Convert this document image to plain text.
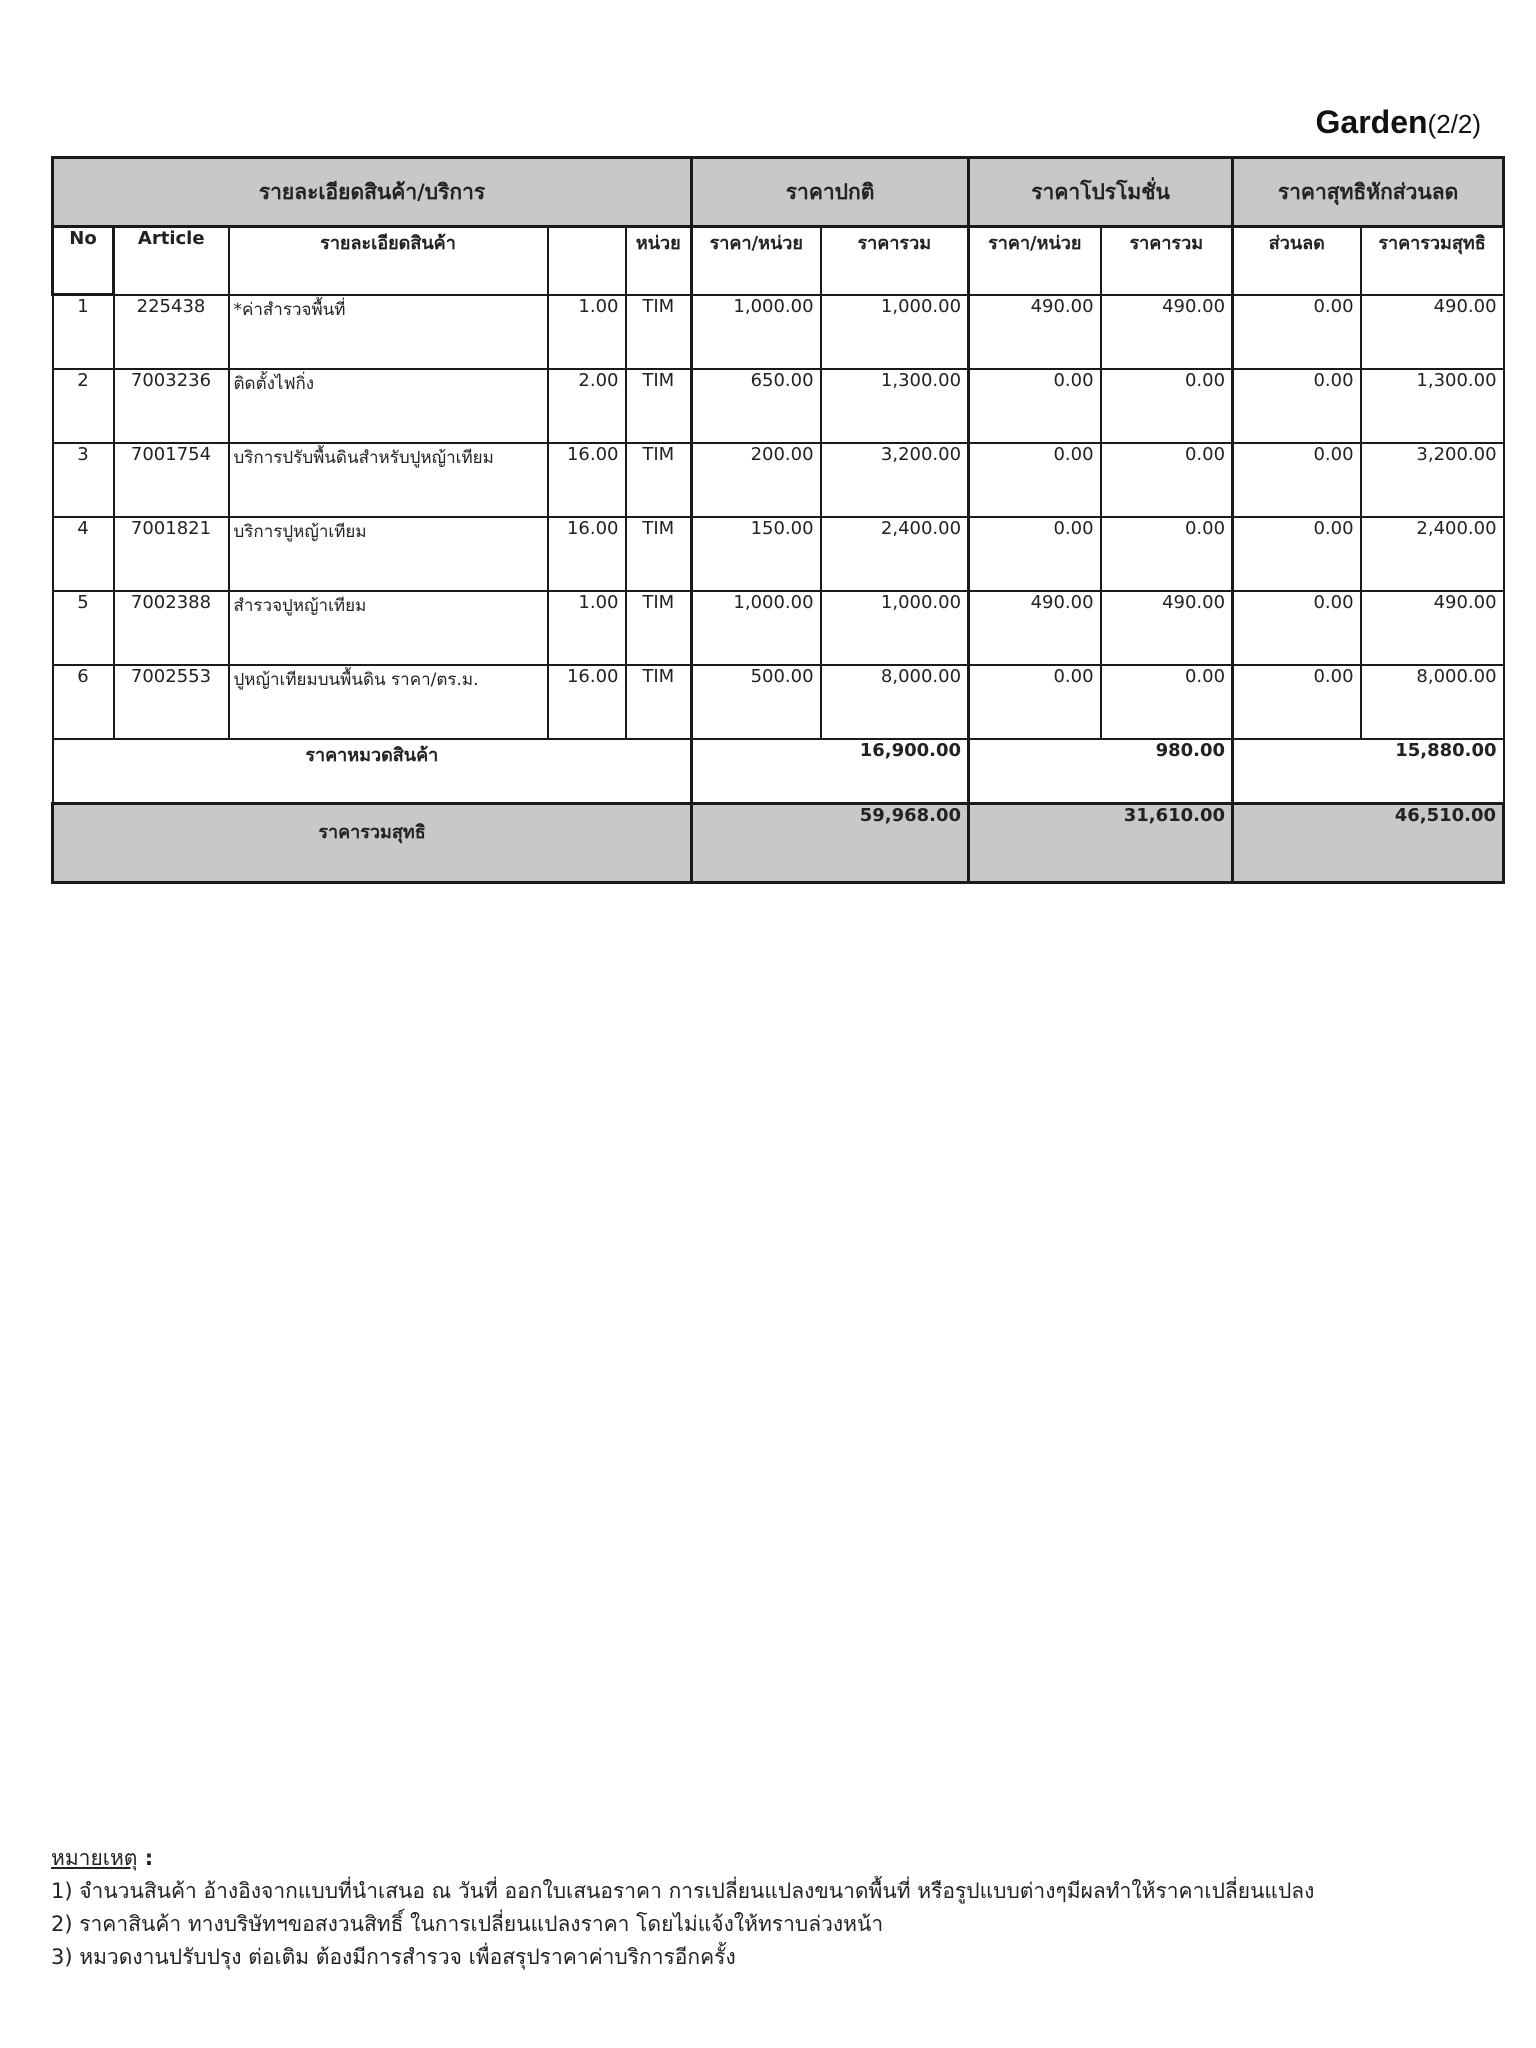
Garden(2/2)
รายละเอียดสินค้า/บริการ					ราคาปกติ		ราคาโปรโมชั่น		ราคาสุทธิหักส่วนลด	
No	Article	รายละเอียดสินค้า		หน่วย	ราคา/หน่วย	ราคารวม	ราคา/หน่วย	ราคารวม	ส่วนลด	ราคารวมสุทธิ
1	225438	*ค่าสำรวจพื้นที่	1.00	TIM	1,000.00	1,000.00	490.00	490.00	0.00	490.00
2	7003236	ติดตั้งไฟกิ่ง	2.00	TIM	650.00	1,300.00	0.00	0.00	0.00	1,300.00
3	7001754	บริการปรับพื้นดินสำหรับปูหญ้าเทียม	16.00	TIM	200.00	3,200.00	0.00	0.00	0.00	3,200.00
4	7001821	บริการปูหญ้าเทียม	16.00	TIM	150.00	2,400.00	0.00	0.00	0.00	2,400.00
5	7002388	สำรวจปูหญ้าเทียม	1.00	TIM	1,000.00	1,000.00	490.00	490.00	0.00	490.00
6	7002553	ปูหญ้าเทียมบนพื้นดิน ราคา/ตร.ม.	16.00	TIM	500.00	8,000.00	0.00	0.00	0.00	8,000.00
ราคาหมวดสินค้า					16,900.00		980.00		15,880.00	
ราคารวมสุทธิ					59,968.00		31,610.00		46,510.00	
หมายเหตุ :
1) จำนวนสินค้า อ้างอิงจากแบบที่นำเสนอ ณ วันที่ ออกใบเสนอราคา การเปลี่ยนแปลงขนาดพื้นที่ หรือรูปแบบต่างๆมีผลทำให้ราคาเปลี่ยนแปลง
2) ราคาสินค้า ทางบริษัทฯขอสงวนสิทธิ์ ในการเปลี่ยนแปลงราคา โดยไม่แจ้งให้ทราบล่วงหน้า
3) หมวดงานปรับปรุง ต่อเติม ต้องมีการสำรวจ เพื่อสรุปราคาค่าบริการอีกครั้ง
